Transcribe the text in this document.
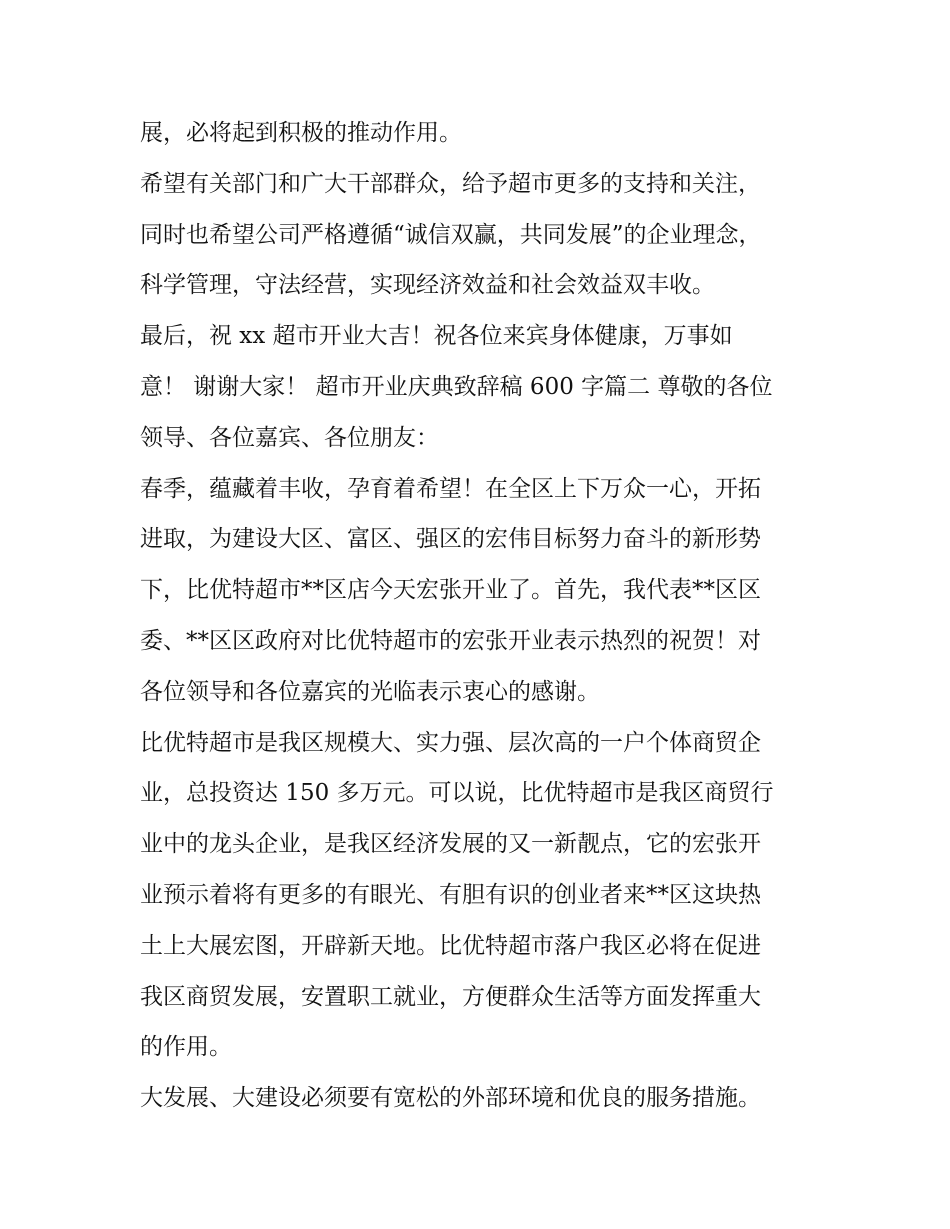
展，必将起到积极的推动作用。
希望有关部门和广大干部群众，给予超市更多的支持和关注，
同时也希望公司严格遵循“诚信双赢，共同发展”的企业理念，
科学管理，守法经营，实现经济效益和社会效益双丰收。
最后，祝 xx 超市开业大吉！祝各位来宾身体健康，万事如
意！ 谢谢大家！ 超市开业庆典致辞稿 600 字篇二 尊敬的各位
领导、各位嘉宾、各位朋友：
春季，蕴藏着丰收，孕育着希望！在全区上下万众一心，开拓
进取，为建设大区、富区、强区的宏伟目标努力奋斗的新形势
下，比优特超市**区店今天宏张开业了。首先，我代表**区区
委、**区区政府对比优特超市的宏张开业表示热烈的祝贺！对
各位领导和各位嘉宾的光临表示衷心的感谢。
比优特超市是我区规模大、实力强、层次高的一户个体商贸企
业，总投资达 150 多万元。可以说，比优特超市是我区商贸行
业中的龙头企业，是我区经济发展的又一新靓点，它的宏张开
业预示着将有更多的有眼光、有胆有识的创业者来**区这块热
土上大展宏图，开辟新天地。比优特超市落户我区必将在促进
我区商贸发展，安置职工就业，方便群众生活等方面发挥重大
的作用。
大发展、大建设必须要有宽松的外部环境和优良的服务措施。
